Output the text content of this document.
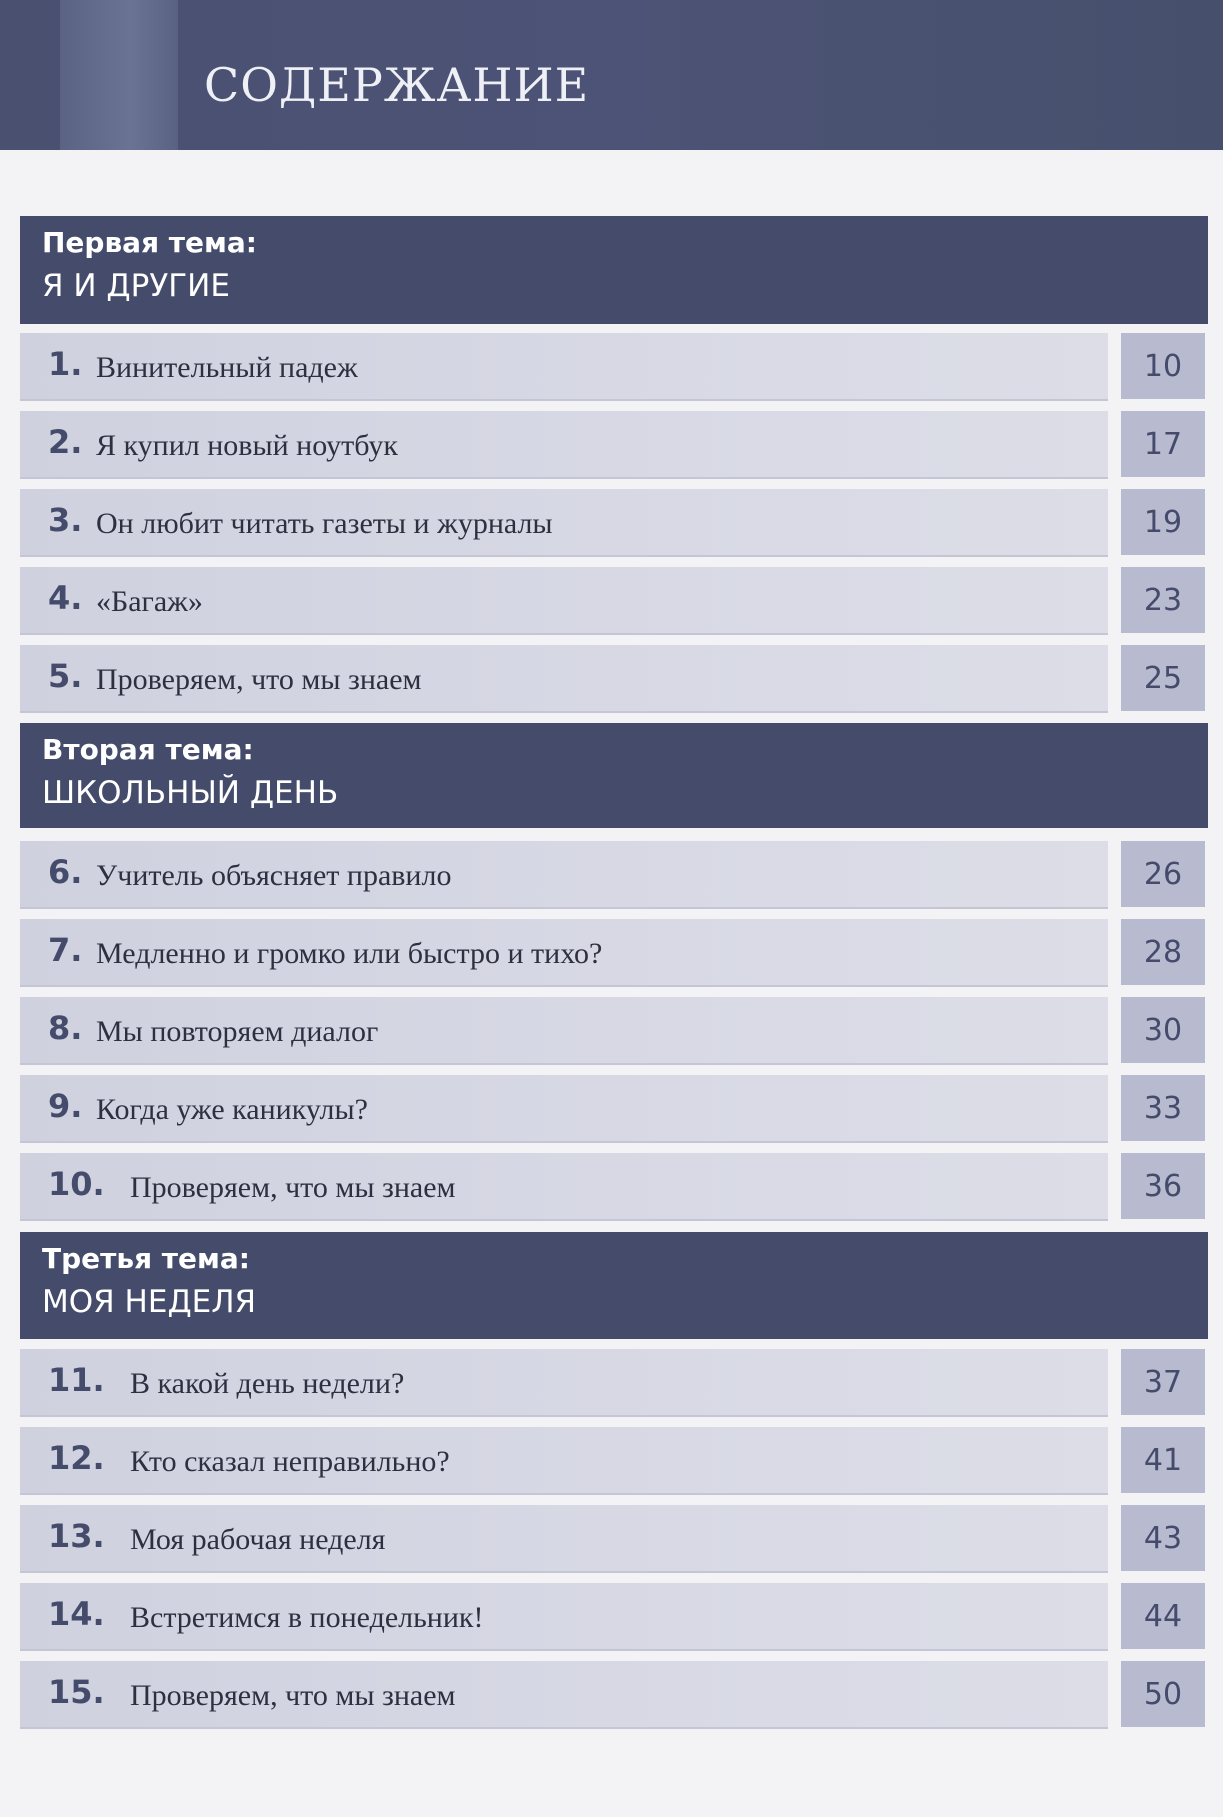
СОДЕРЖАНИЕ
Первая тема:
Я И ДРУГИЕ
1. Винительный падеж	10
2. Я купил новый ноутбук	17
3. Он любит читать газеты и журналы	19
4. «Багаж»	23
5. Проверяем, что мы знаем	25
Вторая тема:
ШКОЛЬНЫЙ ДЕНЬ
6. Учитель объясняет правило	26
7. Медленно и громко или быстро и тихо?	28
8. Мы повторяем диалог	30
9. Когда уже каникулы?	33
10. Проверяем, что мы знаем	36
Третья тема:
МОЯ НЕДЕЛЯ
11. В какой день недели?	37
12. Кто сказал неправильно?	41
13. Моя рабочая неделя	43
14. Встретимся в понедельник!	44
15. Проверяем, что мы знаем	50
